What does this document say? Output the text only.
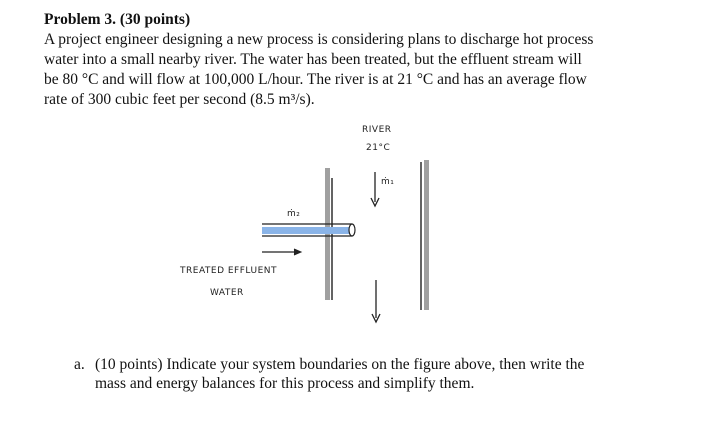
Problem 3. (30 points)

A project engineer designing a new process is considering plans to discharge hot process

water into a small nearby river. The water has been treated, but the effluent stream will

be 80 °C and will flow at 100,000 L/hour. The river is at 21 °C and has an average flow

rate of 300 cubic feet per second (8.5 m³/s).

RIVER
21°C
ṁ₁
ṁ₂
TREATED EFFLUENT
WATER
a. (10 points) Indicate your system boundaries on the figure above, then write the
mass and energy balances for this process and simplify them.
